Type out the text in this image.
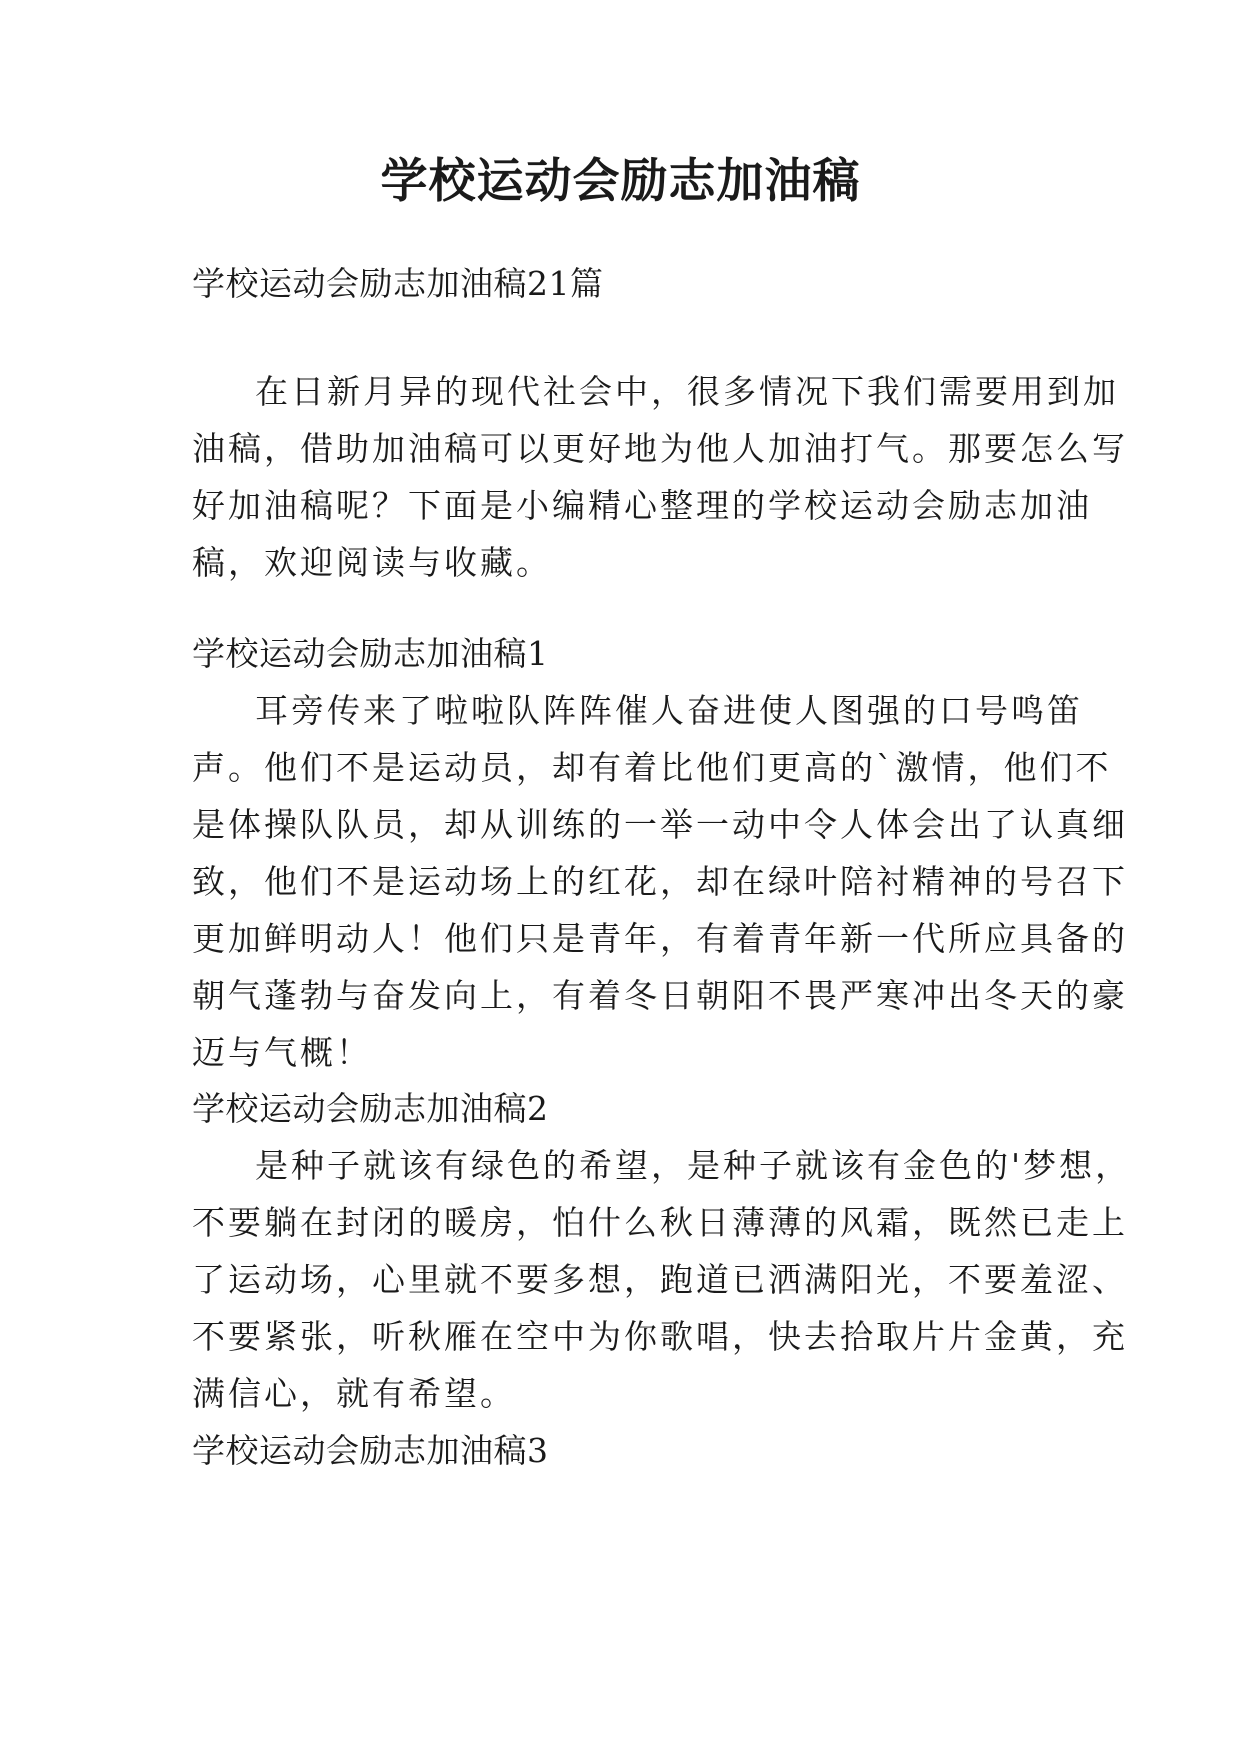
学校运动会励志加油稿
学校运动会励志加油稿21篇
在日新月异的现代社会中，很多情况下我们需要用到加
油稿，借助加油稿可以更好地为他人加油打气。那要怎么写
好加油稿呢？下面是小编精心整理的学校运动会励志加油
稿，欢迎阅读与收藏。
学校运动会励志加油稿1
耳旁传来了啦啦队阵阵催人奋进使人图强的口号鸣笛
声。他们不是运动员，却有着比他们更高的`激情，他们不
是体操队队员，却从训练的一举一动中令人体会出了认真细
致，他们不是运动场上的红花，却在绿叶陪衬精神的号召下
更加鲜明动人！他们只是青年，有着青年新一代所应具备的
朝气蓬勃与奋发向上，有着冬日朝阳不畏严寒冲出冬天的豪
迈与气概！
学校运动会励志加油稿2
是种子就该有绿色的希望，是种子就该有金色的'梦想，
不要躺在封闭的暖房，怕什么秋日薄薄的风霜，既然已走上
了运动场，心里就不要多想，跑道已洒满阳光，不要羞涩、
不要紧张，听秋雁在空中为你歌唱，快去拾取片片金黄，充
满信心，就有希望。
学校运动会励志加油稿3
